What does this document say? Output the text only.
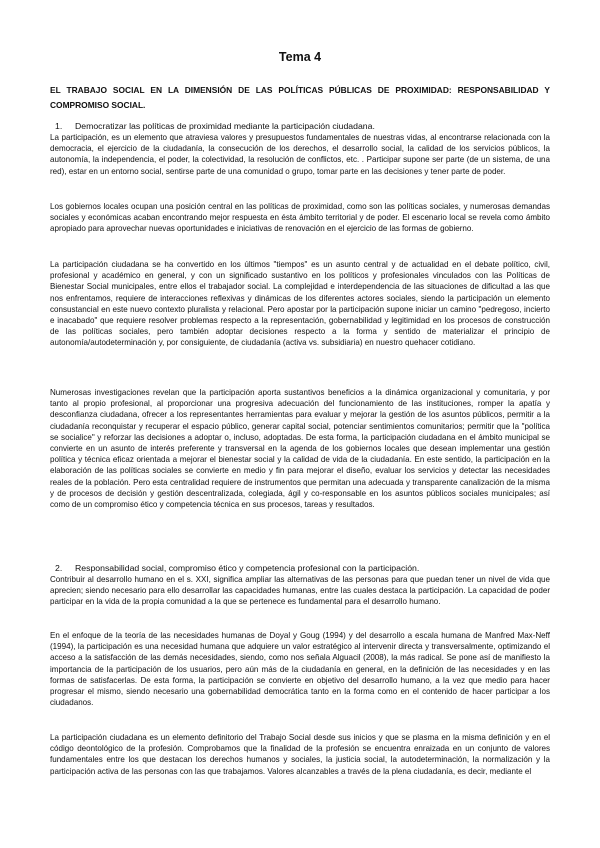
Tema 4
EL TRABAJO SOCIAL EN LA DIMENSIÓN DE LAS POLÍTICAS PÚBLICAS DE PROXIMIDAD: RESPONSABILIDAD Y COMPROMISO SOCIAL.
1. Democratizar las políticas de proximidad mediante la participación ciudadana.

La participación, es un elemento que atraviesa valores y presupuestos fundamentales de nuestras vidas, al encontrarse relacionada con la democracia, el ejercicio de la ciudadanía, la consecución de los derechos, el desarrollo social, la calidad de los servicios públicos, la autonomía, la independencia, el poder, la colectividad, la resolución de conflictos, etc. . Participar supone ser parte (de un sistema, de una red), estar en un entorno social, sentirse parte de una comunidad o grupo, tomar parte en las decisiones y tener parte de poder.

Los gobiernos locales ocupan una posición central en las políticas de proximidad, como son las políticas sociales, y numerosas demandas sociales y económicas acaban encontrando mejor respuesta en ésta ámbito territorial y de poder. El escenario local se revela como ámbito apropiado para aprovechar nuevas oportunidades e iniciativas de renovación en el ejercicio de las formas de gobierno.

La participación ciudadana se ha convertido en los últimos "tiempos" es un asunto central y de actualidad en el debate político, civil, profesional y académico en general, y con un significado sustantivo en los políticos y profesionales vinculados con las Políticas de Bienestar Social municipales, entre ellos el trabajador social. La complejidad e interdependencia de las situaciones de dificultad a las que nos enfrentamos, requiere de interacciones reflexivas y dinámicas de los diferentes actores sociales, siendo la participación un elemento consustancial en este nuevo contexto pluralista y relacional. Pero apostar por la participación supone iniciar un camino "pedregoso, incierto e inacabado" que requiere resolver problemas respecto a la representación, gobernabilidad y legitimidad en los procesos de construcción de las políticas sociales, pero también adoptar decisiones respecto a la forma y sentido de materializar el principio de autonomía/autodeterminación y, por consiguiente, de ciudadanía (activa vs. subsidiaria) en nuestro quehacer cotidiano.

Numerosas investigaciones revelan que la participación aporta sustantivos beneficios a la dinámica organizacional y comunitaria, y por tanto al propio profesional, al proporcionar una progresiva adecuación del funcionamiento de las instituciones, romper la apatía y desconfianza ciudadana, ofrecer a los representantes herramientas para evaluar y mejorar la gestión de los asuntos públicos, permitir a la ciudadanía reconquistar y recuperar el espacio público, generar capital social, potenciar sentimientos comunitarios; permitir que la "política se socialice" y reforzar las decisiones a adoptar o, incluso, adoptadas. De esta forma, la participación ciudadana en el ámbito municipal se convierte en un asunto de interés preferente y transversal en la agenda de los gobiernos locales que desean implementar una gestión política y técnica eficaz orientada a mejorar el bienestar social y la calidad de vida de la ciudadanía. En este sentido, la participación en la elaboración de las políticas sociales se convierte en medio y fin para mejorar el diseño, evaluar los servicios y detectar las necesidades reales de la población. Pero esta centralidad requiere de instrumentos que permitan una adecuada y transparente canalización de la misma y de procesos de decisión y gestión descentralizada, colegiada, ágil y co-responsable en los asuntos públicos sociales municipales; así como de un compromiso ético y competencia técnica en sus procesos, tareas y resultados.

2. Responsabilidad social, compromiso ético y competencia profesional con la participación.

Contribuir al desarrollo humano en el s. XXI, significa ampliar las alternativas de las personas para que puedan tener un nivel de vida que aprecien; siendo necesario para ello desarrollar las capacidades humanas, entre las cuales destaca la participación. La capacidad de poder participar en la vida de la propia comunidad a la que se pertenece es fundamental para el desarrollo humano.

En el enfoque de la teoría de las necesidades humanas de Doyal y Goug (1994) y del desarrollo a escala humana de Manfred Max-Neff (1994), la participación es una necesidad humana que adquiere un valor estratégico al intervenir directa y transversalmente, optimizando el acceso a la satisfacción de las demás necesidades, siendo, como nos señala Alguacil (2008), la más radical. Se pone así de manifiesto la importancia de la participación de los usuarios, pero aún más de la ciudadanía en general, en la definición de las necesidades y en las formas de satisfacerlas. De esta forma, la participación se convierte en objetivo del desarrollo humano, a la vez que medio para hacer progresar el mismo, siendo necesario una gobernabilidad democrática tanto en la forma como en el contenido de hacer participar a los ciudadanos.

La participación ciudadana es un elemento definitorio del Trabajo Social desde sus inicios y que se plasma en la misma definición y en el código deontológico de la profesión. Comprobamos que la finalidad de la profesión se encuentra enraizada en un conjunto de valores fundamentales entre los que destacan los derechos humanos y sociales, la justicia social, la autodeterminación, la normalización y la participación activa de las personas con las que trabajamos. Valores alcanzables a través de la plena ciudadanía, es decir, mediante el
